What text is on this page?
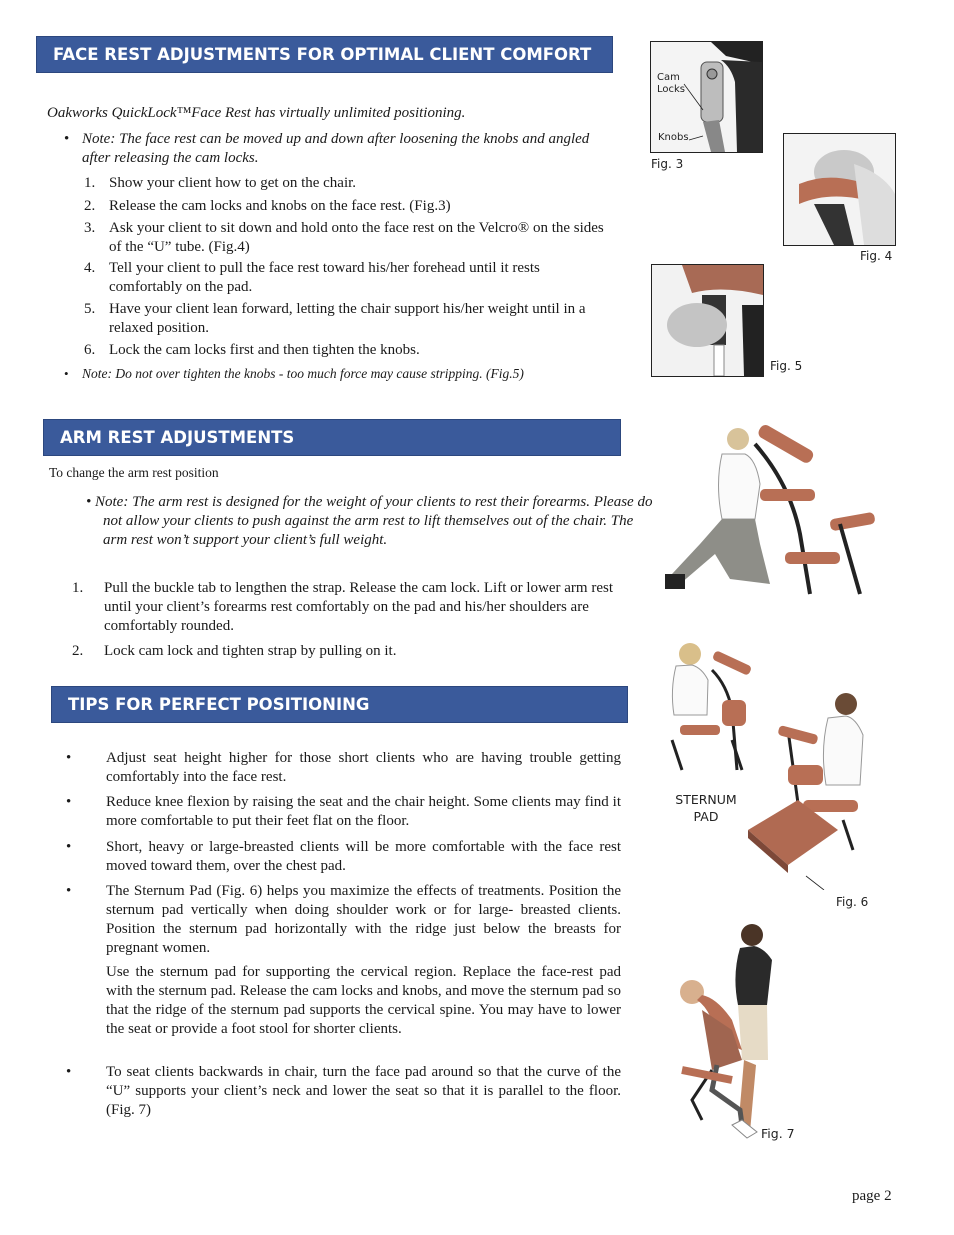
FACE REST ADJUSTMENTS FOR OPTIMAL CLIENT COMFORT
Oakworks QuickLock™Face Rest has virtually unlimited positioning.
• Note: The face rest can be moved up and down after loosening the knobs and angled after releasing the cam locks.
1. Show your client how to get on the chair.
2. Release the cam locks and knobs on the face rest. (Fig.3)
3. Ask your client to sit down and hold onto the face rest on the Velcro® on the sides of the “U” tube. (Fig.4)
4. Tell your client to pull the face rest toward his/her forehead until it rests comfortably on the pad.
5. Have your client lean forward, letting the chair support his/her weight until in a relaxed position.
6. Lock the cam locks first and then tighten the knobs.
• Note: Do not over tighten the knobs - too much force may cause stripping. (Fig.5)
Cam
Locks
Knobs
Fig. 3
Fig. 4
Fig. 5
ARM REST ADJUSTMENTS
To change the arm rest position
• Note: The arm rest is designed for the weight of your clients to rest their forearms. Please do not allow your clients to push against the arm rest to lift themselves out of the chair. The arm rest won’t support your client’s full weight.
1. Pull the buckle tab to lengthen the strap. Release the cam lock. Lift or lower arm rest until your client’s forearms rest comfortably on the pad and his/her shoulders are comfortably rounded.
2. Lock cam lock and tighten strap by pulling on it.
TIPS FOR PERFECT POSITIONING
• Adjust seat height higher for those short clients who are having trouble getting comfortably into the face rest.
• Reduce knee flexion by raising the seat and the chair height. Some clients may find it more comfortable to put their feet flat on the floor.
• Short, heavy or large-breasted clients will be more comfortable with the face rest moved toward them, over the chest pad.
• The Sternum Pad (Fig. 6) helps you maximize the effects of treatments. Position the sternum pad vertically when doing shoulder work or for large- breasted clients. Position the sternum pad horizontally with the ridge just below the breasts for pregnant women.
Use the sternum pad for supporting the cervical region. Replace the face-rest pad with the sternum pad. Release the cam locks and knobs, and move the sternum pad so that the ridge of the sternum pad supports the cervical spine. You may have to lower the seat or provide a foot stool for shorter clients.
• To seat clients backwards in chair, turn the face pad around so that the curve of the “U” supports your client’s neck and lower the seat so that it is parallel to the floor. (Fig. 7)
STERNUM
PAD
Fig. 6
Fig. 7
page 2
